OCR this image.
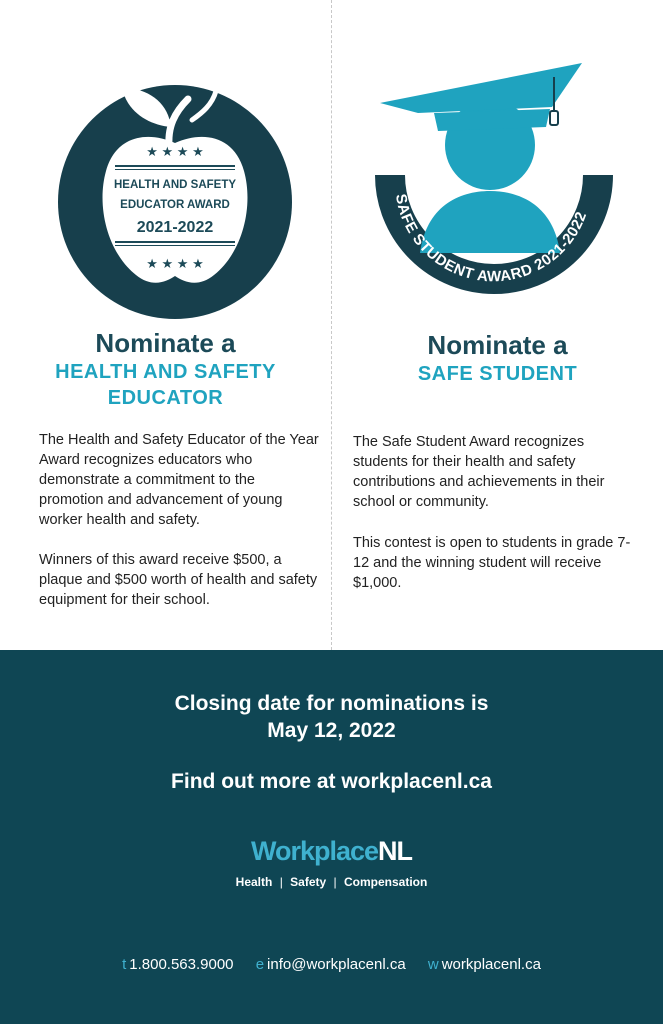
★ ★ ★ ★
HEALTH AND SAFETY
EDUCATOR AWARD
2021-2022
★ ★ ★ ★
Nominate a
HEALTH AND SAFETY
EDUCATOR
The Health and Safety Educator of the Year Award recognizes educators who demonstrate a commitment to the promotion and advancement of young worker health and safety.
Winners of this award receive $500, a plaque and $500 worth of health and safety equipment for their school.
SAFE STUDENT AWARD 2021-2022
Nominate a
SAFE STUDENT
The Safe Student Award recognizes students for their health and safety contributions and achievements in their school or community.
This contest is open to students in grade 7-12 and the winning student will receive $1,000.
Closing date for nominations is
May 12, 2022
Find out more at workplacenl.ca
WorkplaceNL
Health | Safety | Compensation
t 1.800.563.9000 e info@workplacenl.ca w workplacenl.ca
